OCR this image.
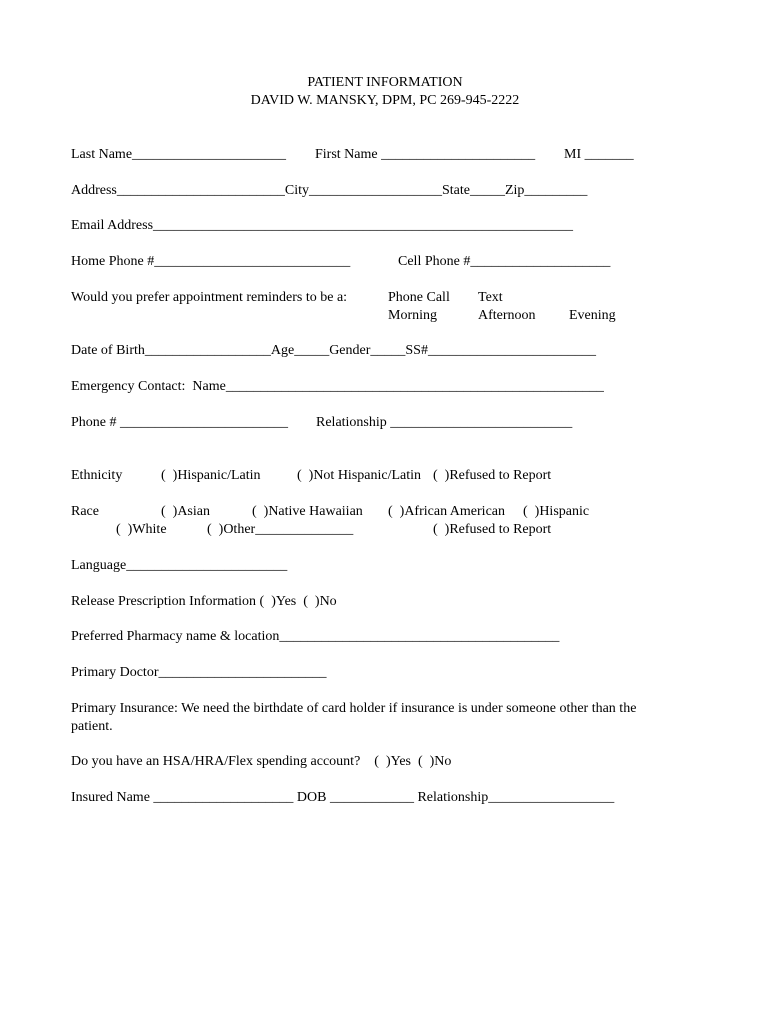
PATIENT INFORMATION
DAVID W. MANSKY, DPM, PC 269-945-2222
Last Name______________________ First Name ______________________ MI _______
Address________________________City___________________State_____Zip_________
Email Address____________________________________________________________
Home Phone #____________________________	Cell Phone #____________________
Would you prefer appointment reminders to be a:	Phone Call Text
Morning	Afternoon Evening
Date of Birth__________________Age_____Gender_____SS#________________________
Emergency Contact:  Name______________________________________________________
Phone # ________________________ Relationship __________________________
Ethnicity	(  )Hispanic/Latin	(  )Not Hispanic/Latin (  )Refused to Report
Race	(  )Asian	(  )Native Hawaiian (  )African American (  )Hispanic
(  )White	(  )Other______________	(  )Refused to Report
Language_______________________
Release Prescription Information (  )Yes  (  )No
Preferred Pharmacy name & location________________________________________
Primary Doctor________________________
Primary Insurance: We need the birthdate of card holder if insurance is under someone other than the
patient.
Do you have an HSA/HRA/Flex spending account?    (  )Yes  (  )No
Insured Name ____________________ DOB ____________ Relationship__________________
